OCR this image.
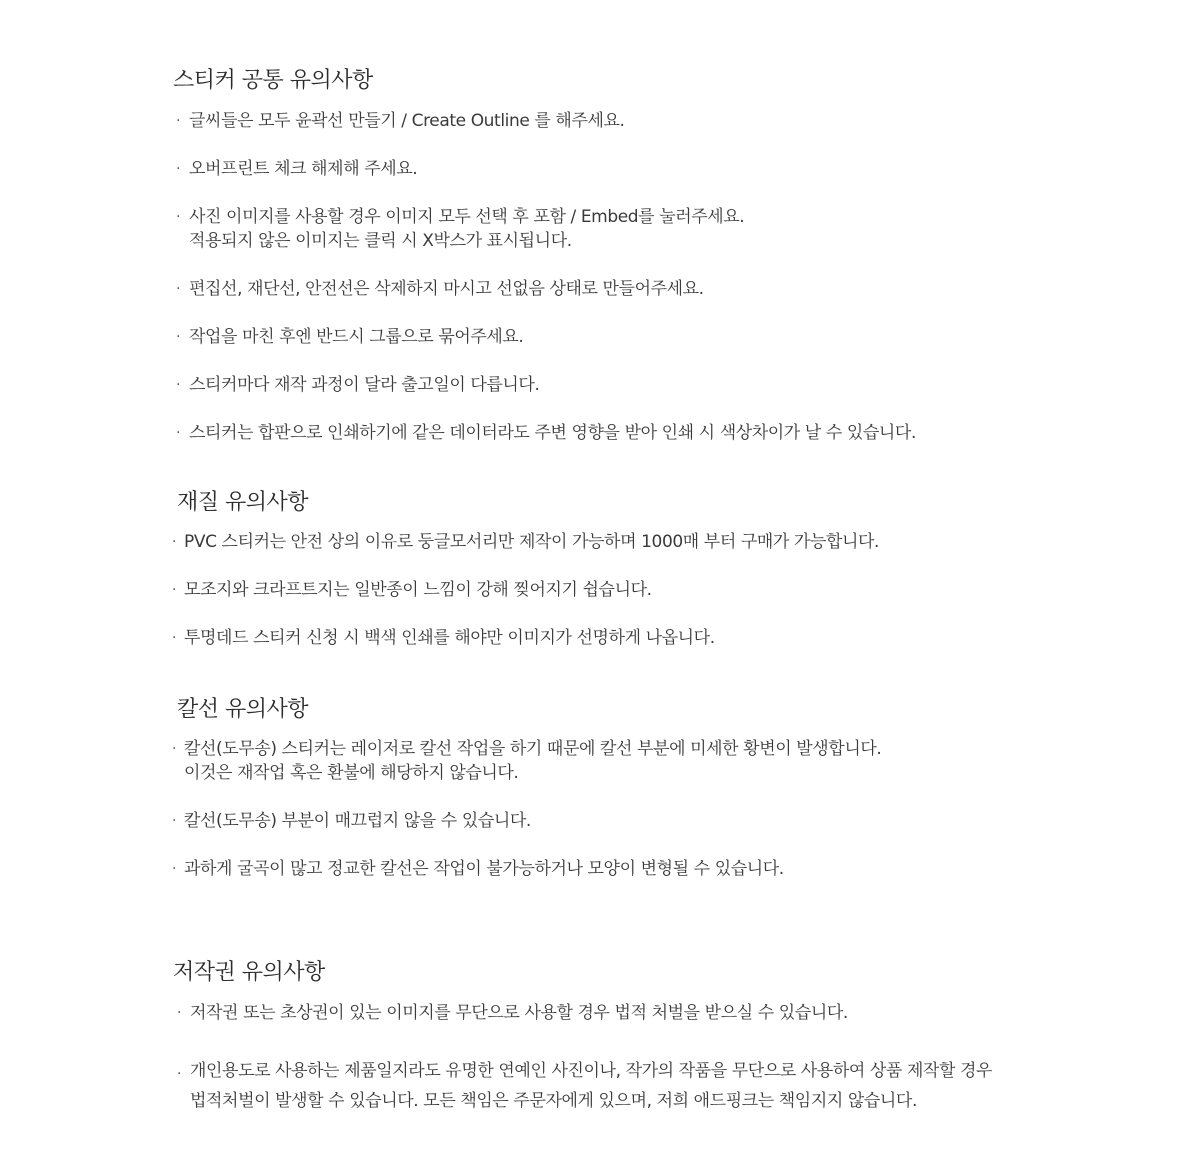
스티커 공통 유의사항
· 글씨들은 모두 윤곽선 만들기 / Create Outline 를 해주세요.
· 오버프린트 체크 해제해 주세요.
· 사진 이미지를 사용할 경우 이미지 모두 선택 후 포함 / Embed를 눌러주세요.
적용되지 않은 이미지는 클릭 시 X박스가 표시됩니다.
· 편집선, 재단선, 안전선은 삭제하지 마시고 선없음 상태로 만들어주세요.
· 작업을 마친 후엔 반드시 그룹으로 묶어주세요.
· 스티커마다 재작 과정이 달라 출고일이 다릅니다.
· 스티커는 합판으로 인쇄하기에 같은 데이터라도 주변 영향을 받아 인쇄 시 색상차이가 날 수 있습니다.
재질 유의사항
· PVC 스티커는 안전 상의 이유로 둥글모서리만 제작이 가능하며 1000매 부터 구매가 가능합니다.
· 모조지와 크라프트지는 일반종이 느낌이 강해 찢어지기 쉽습니다.
· 투명데드 스티커 신청 시 백색 인쇄를 해야만 이미지가 선명하게 나옵니다.
칼선 유의사항
· 칼선(도무송) 스티커는 레이저로 칼선 작업을 하기 때문에 칼선 부분에 미세한 황변이 발생합니다.
이것은 재작업 혹은 환불에 해당하지 않습니다.
· 칼선(도무송) 부분이 매끄럽지 않을 수 있습니다.
· 과하게 굴곡이 많고 정교한 칼선은 작업이 불가능하거나 모양이 변형될 수 있습니다.
저작권 유의사항
· 저작권 또는 초상권이 있는 이미지를 무단으로 사용할 경우 법적 처벌을 받으실 수 있습니다.
· 개인용도로 사용하는 제품일지라도 유명한 연예인 사진이나, 작가의 작품을 무단으로 사용하여 상품 제작할 경우
법적처벌이 발생할 수 있습니다. 모든 책임은 주문자에게 있으며, 저희 애드핑크는 책임지지 않습니다.
